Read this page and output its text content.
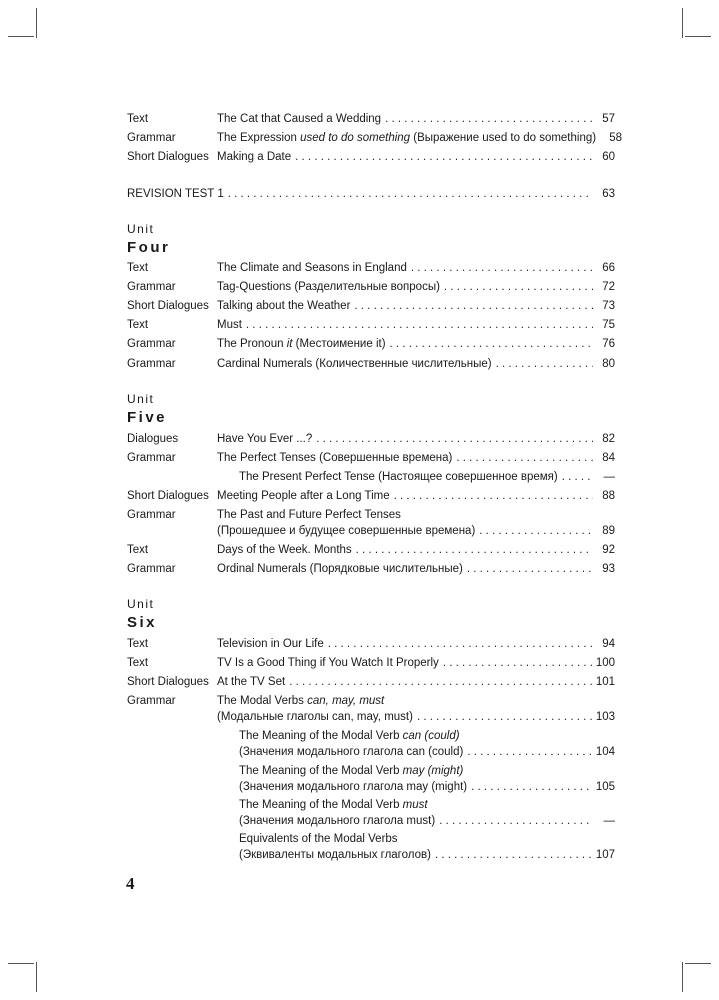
Text	The Cat that Caused a Wedding . . .	57
Grammar	The Expression used to do something (Выражение used to do something)	58
Short Dialogues Making a Date . . .	60
REVISION TEST 1 . . .	63
Unit
Four
Text	The Climate and Seasons in England . . .	66
Grammar	Tag-Questions (Разделительные вопросы) . . .	72
Short Dialogues Talking about the Weather . . .	73
Text	Must . . .	75
Grammar	The Pronoun it (Местоимение it) . . .	76
Grammar	Cardinal Numerals (Количественные числительные) . . .	80
Unit
Five
Dialogues	Have You Ever ...? . . .	82
Grammar	The Perfect Tenses (Совершенные времена) . . .	84
The Present Perfect Tense (Настоящее совершенное время) . . .	—
Short Dialogues Meeting People after a Long Time . . .	88
Grammar	The Past and Future Perfect Tenses
(Прошедшее и будущее совершенные времена) . . .	89
Text	Days of the Week. Months . . .	92
Grammar	Ordinal Numerals (Порядковые числительные) . . .	93
Unit
Six
Text	Television in Our Life . . .	94
Text	TV Is a Good Thing if You Watch It Properly . . .	100
Short Dialogues At the TV Set . . .	101
Grammar	The Modal Verbs can, may, must
(Модальные глаголы can, may, must) . . .	103
The Meaning of the Modal Verb can (could)
(Значения модального глагола can (could) . . .	104
The Meaning of the Modal Verb may (might)
(Значения модального глагола may (might) . . .	105
The Meaning of the Modal Verb must
(Значения модального глагола must) . . .	—
Equivalents of the Modal Verbs
(Эквиваленты модальных глаголов) . . .	107
4
